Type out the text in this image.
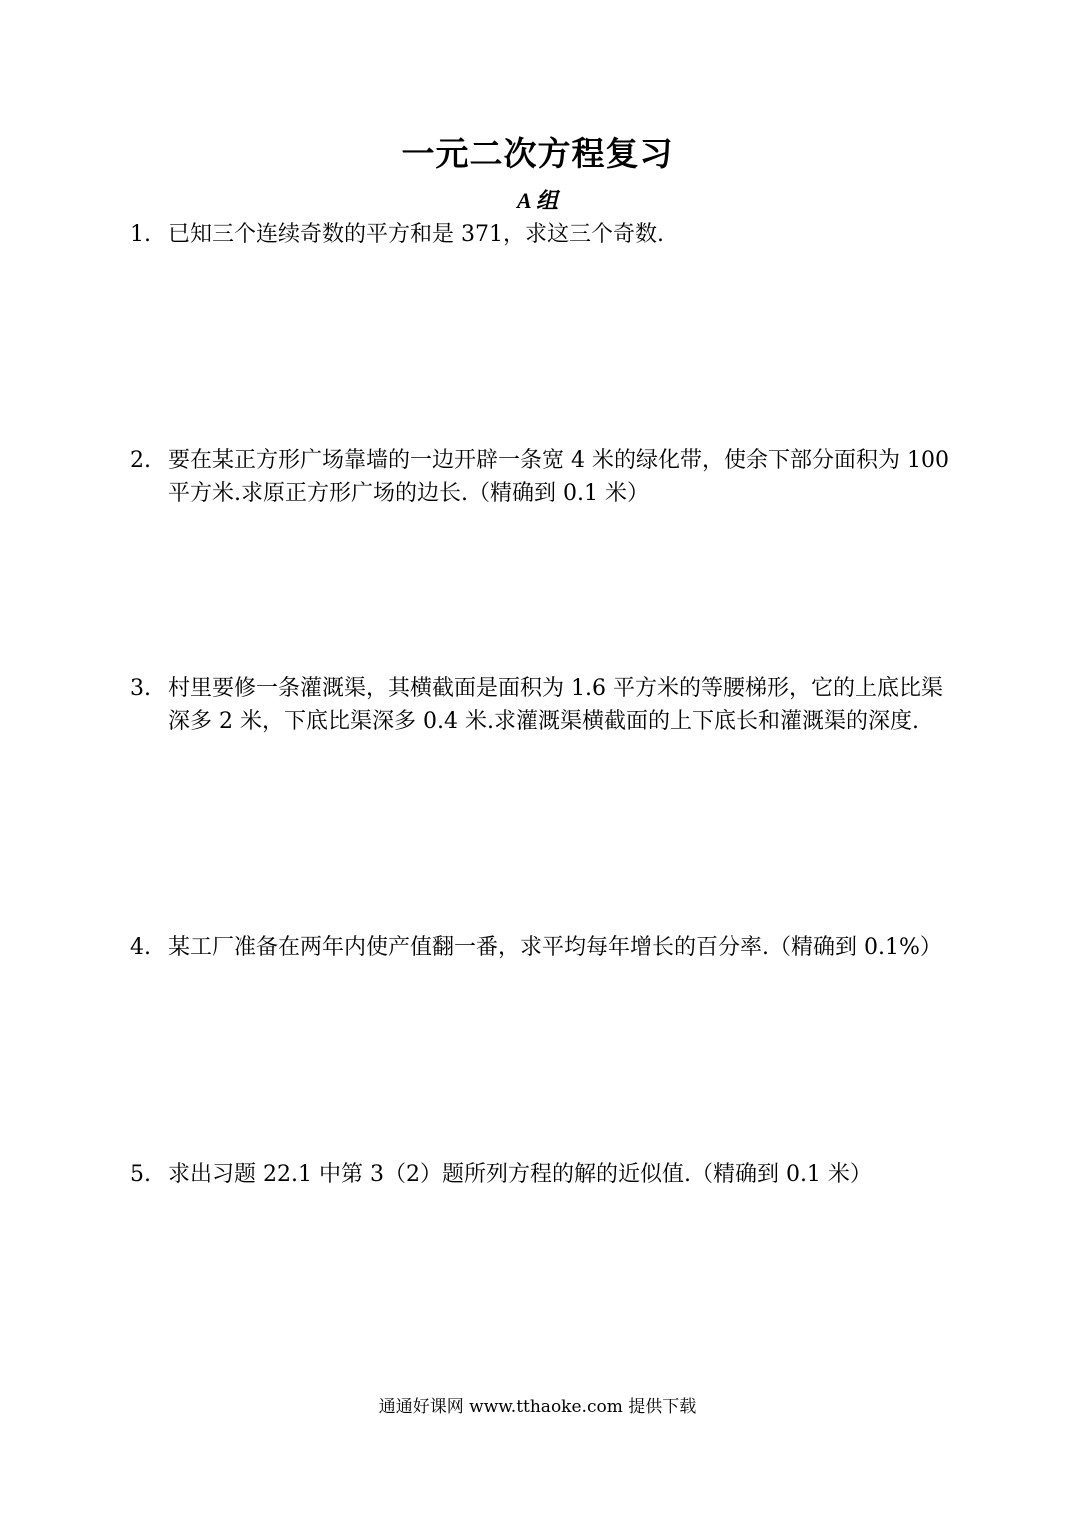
一元二次方程复习
A 组
1. 已知三个连续奇数的平方和是 371，求这三个奇数.
2. 要在某正方形广场靠墙的一边开辟一条宽 4 米的绿化带，使余下部分面积为 100 平方米.求原正方形广场的边长.（精确到 0.1 米）
3. 村里要修一条灌溉渠，其横截面是面积为 1.6 平方米的等腰梯形，它的上底比渠深多 2 米，下底比渠深多 0.4 米.求灌溉渠横截面的上下底长和灌溉渠的深度.
4. 某工厂准备在两年内使产值翻一番，求平均每年增长的百分率.（精确到 0.1%）
5. 求出习题 22.1 中第 3（2）题所列方程的解的近似值.（精确到 0.1 米）
通通好课网 www.tthaoke.com 提供下载
